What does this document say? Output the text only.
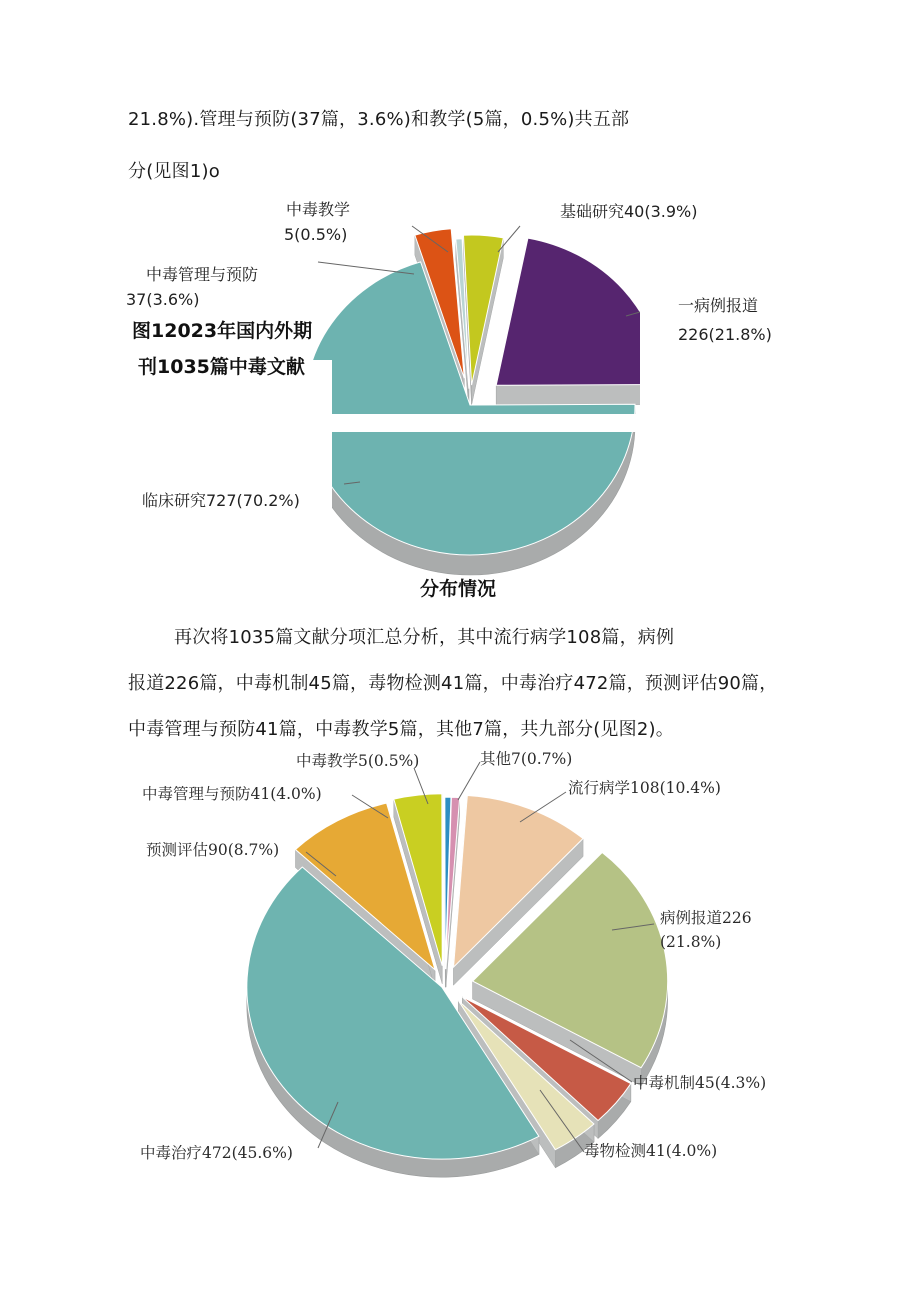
21.8%).管理与预防(37篇，3.6%)和教学(5篇，0.5%)共五部
分(见图1)o
基础研究40(3.9%)
一病例报道
226(21.8%)
临床研究727(70.2%)
中毒管理与预防
37(3.6%)
中毒教学
5(0.5%)
图12023年国内外期
刊1035篇中毒文献
分布情况
再次将1035篇文献分项汇总分析，其中流行病学108篇，病例
报道226篇，中毒机制45篇，毒物检测41篇，中毒治疗472篇，预测评估90篇，
中毒管理与预防41篇，中毒教学5篇，其他7篇，共九部分(见图2)。
流行病学108(10.4%)
病例报道226
(21.8%)
中毒机制45(4.3%)
毒物检测41(4.0%)
中毒治疗472(45.6%)
预测评估90(8.7%)
中毒管理与预防41(4.0%)
中毒教学5(0.5%)	其他7(0.7%)
